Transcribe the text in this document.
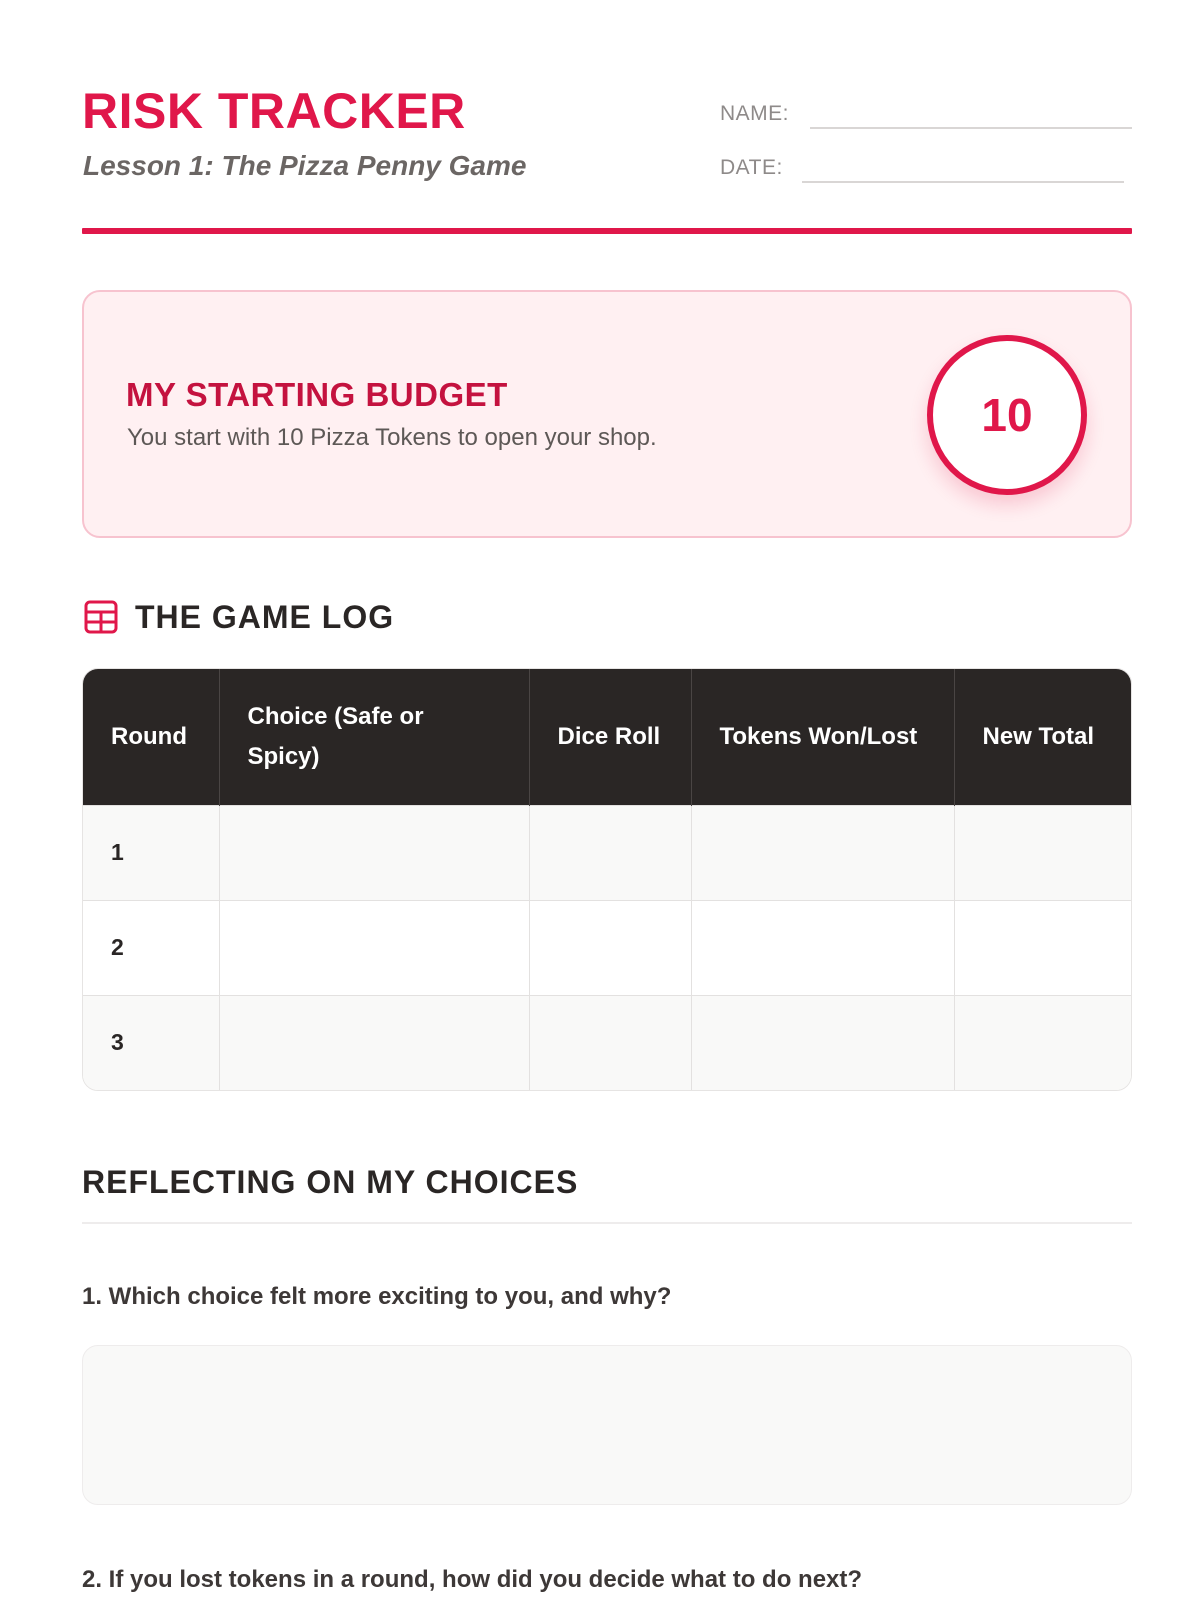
RISK TRACKER
Lesson 1: The Pizza Penny Game
NAME:
DATE:
MY STARTING BUDGET
You start with 10 Pizza Tokens to open your shop.	10
THE GAME LOG
Round	Choice (Safe or Spicy)	Dice Roll	Tokens Won/Lost	New Total
1				
2				
3				
REFLECTING ON MY CHOICES
1. Which choice felt more exciting to you, and why?
2. If you lost tokens in a round, how did you decide what to do next?
